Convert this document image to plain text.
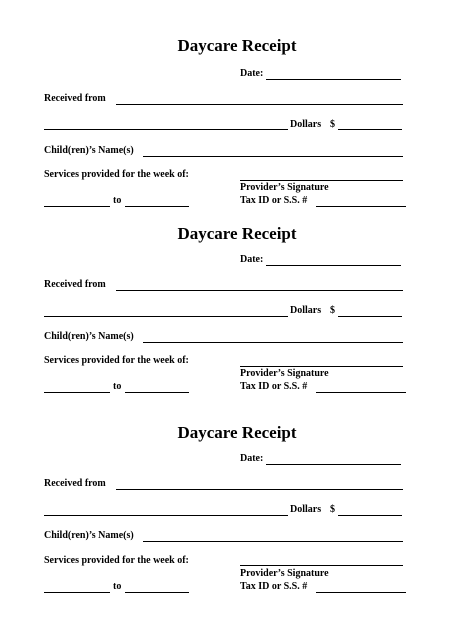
Daycare Receipt
Date:
Received from
Dollars $
Child(ren)’s Name(s)
Services provided for the week of:
Provider’s Signature
to	Tax ID or S.S. #
Daycare Receipt
Date:
Received from
Dollars $
Child(ren)’s Name(s)
Services provided for the week of:
Provider’s Signature
to	Tax ID or S.S. #
Daycare Receipt
Date:
Received from
Dollars $
Child(ren)’s Name(s)
Services provided for the week of:
Provider’s Signature
to	Tax ID or S.S. #
